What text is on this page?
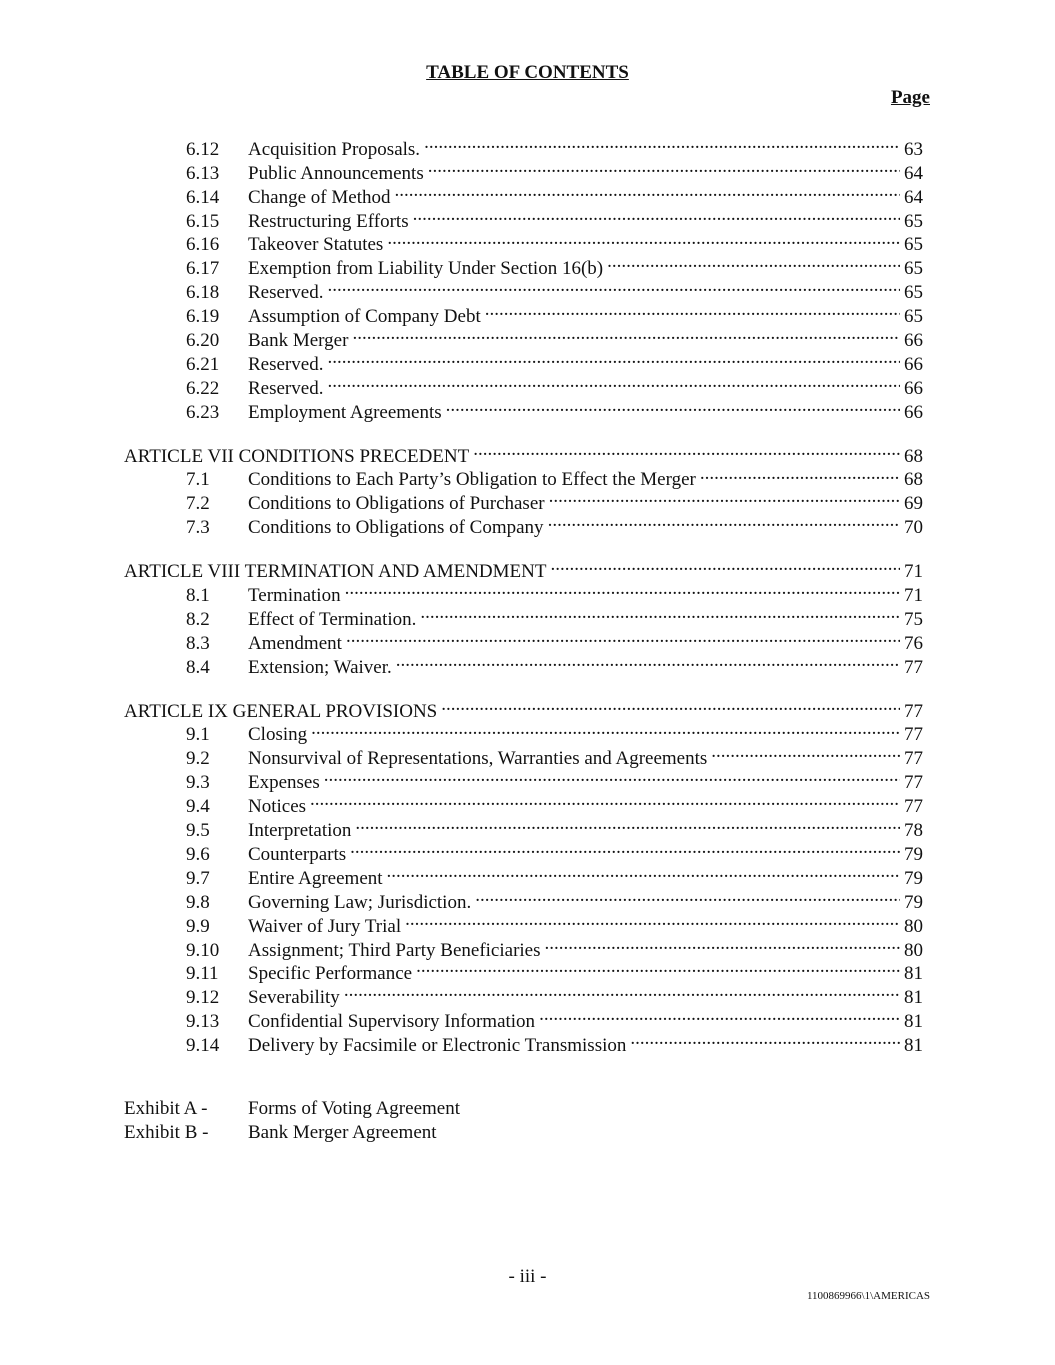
TABLE OF CONTENTS
Page
6.12	Acquisition Proposals. .....	63
6.13	Public Announcements .....	64
6.14	Change of Method .....	64
6.15	Restructuring Efforts .....	65
6.16	Takeover Statutes .....	65
6.17	Exemption from Liability Under Section 16(b) .....	65
6.18	Reserved. .....	65
6.19	Assumption of Company Debt .....	65
6.20	Bank Merger .....	66
6.21	Reserved. .....	66
6.22	Reserved. .....	66
6.23	Employment Agreements .....	66
ARTICLE VII CONDITIONS PRECEDENT .....	68
7.1	Conditions to Each Party’s Obligation to Effect the Merger .....	68
7.2	Conditions to Obligations of Purchaser .....	69
7.3	Conditions to Obligations of Company .....	70
ARTICLE VIII TERMINATION AND AMENDMENT .....	71
8.1	Termination .....	71
8.2	Effect of Termination. .....	75
8.3	Amendment .....	76
8.4	Extension; Waiver. .....	77
ARTICLE IX GENERAL PROVISIONS .....	77
9.1	Closing .....	77
9.2	Nonsurvival of Representations, Warranties and Agreements .....	77
9.3	Expenses .....	77
9.4	Notices .....	77
9.5	Interpretation .....	78
9.6	Counterparts .....	79
9.7	Entire Agreement .....	79
9.8	Governing Law; Jurisdiction. .....	79
9.9	Waiver of Jury Trial .....	80
9.10	Assignment; Third Party Beneficiaries .....	80
9.11	Specific Performance .....	81
9.12	Severability .....	81
9.13	Confidential Supervisory Information .....	81
9.14	Delivery by Facsimile or Electronic Transmission .....	81
Exhibit A -	Forms of Voting Agreement
Exhibit B -	Bank Merger Agreement
- iii -
1100869966\1\AMERICAS
